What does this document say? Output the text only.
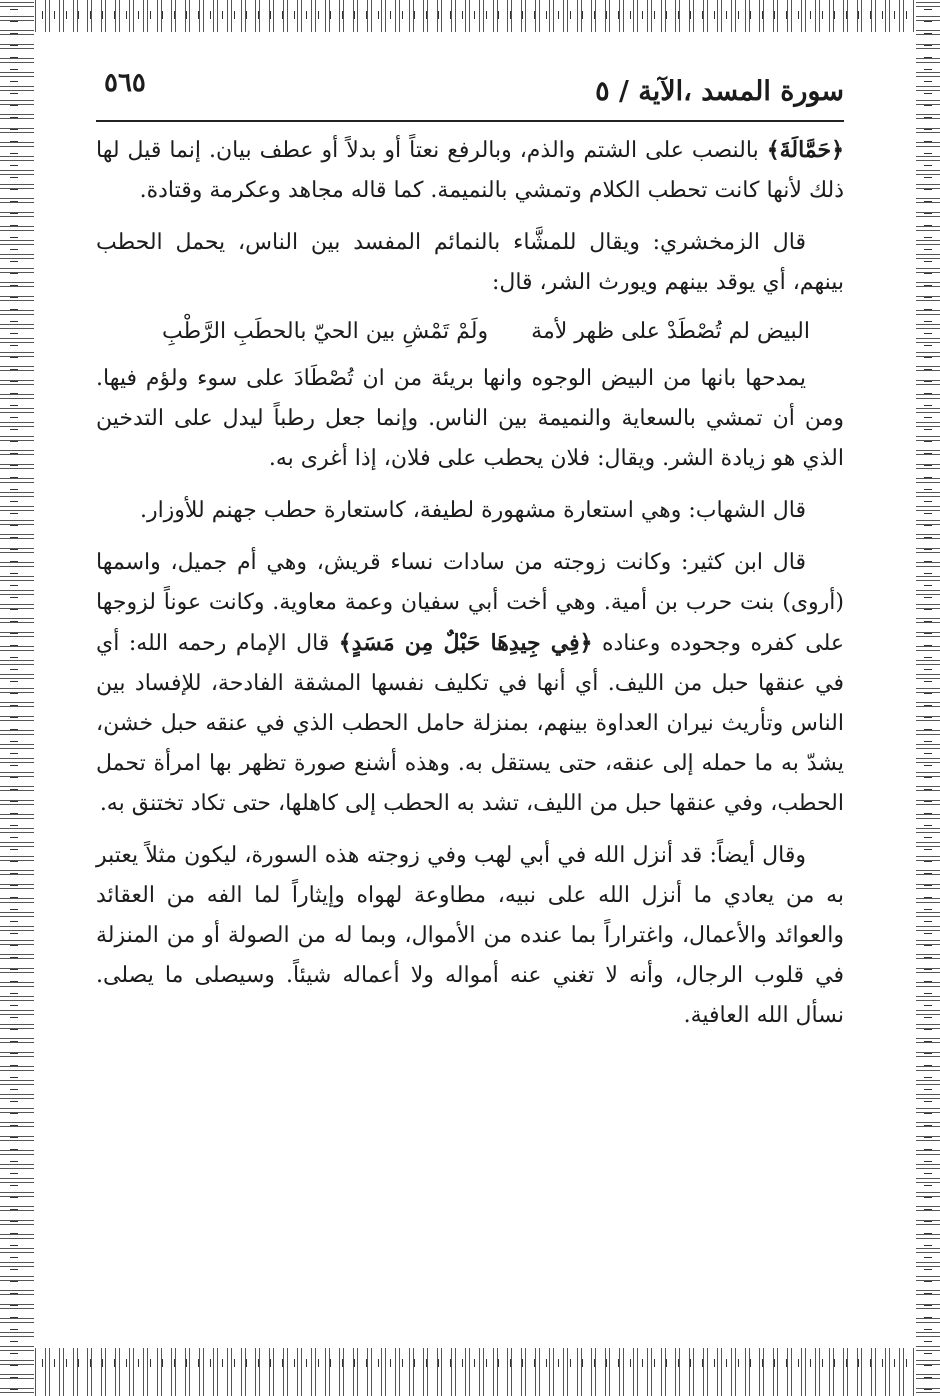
سورة المسد ،الآية / ٥
٥٦٥

﴿حَمَّالَةَ﴾ بالنصب على الشتم والذم، وبالرفع نعتاً أو بدلاً أو عطف بيان. إنما قيل لها ذلك لأنها كانت تحطب الكلام وتمشي بالنميمة. كما قاله مجاهد وعكرمة وقتادة.

قال الزمخشري: ويقال للمشَّاء بالنمائم المفسد بين الناس، يحمل الحطب بينهم، أي يوقد بينهم ويورث الشر، قال:

البيض لم تُصْطَدْ على ظهر لأمة
ولَمْ تَمْشِ بين الحيّ بالحطَبِ الرَّطْبِ

يمدحها بانها من البيض الوجوه وانها بريئة من ان تُصْطَادَ على سوء ولؤم فيها. ومن أن تمشي بالسعاية والنميمة بين الناس. وإنما جعل رطباً ليدل على التدخين الذي هو زيادة الشر. ويقال: فلان يحطب على فلان، إذا أغرى به.

قال الشهاب: وهي استعارة مشهورة لطيفة، كاستعارة حطب جهنم للأوزار.

قال ابن كثير: وكانت زوجته من سادات نساء قريش، وهي أم جميل، واسمها (أروى) بنت حرب بن أمية. وهي أخت أبي سفيان وعمة معاوية. وكانت عوناً لزوجها على كفره وجحوده وعناده ﴿فِي جِيدِهَا حَبْلٌ مِن مَسَدٍ﴾ قال الإمام رحمه الله: أي في عنقها حبل من الليف. أي أنها في تكليف نفسها المشقة الفادحة، للإفساد بين الناس وتأريث نيران العداوة بينهم، بمنزلة حامل الحطب الذي في عنقه حبل خشن، يشدّ به ما حمله إلى عنقه، حتى يستقل به. وهذه أشنع صورة تظهر بها امرأة تحمل الحطب، وفي عنقها حبل من الليف، تشد به الحطب إلى كاهلها، حتى تكاد تختنق به.

وقال أيضاً: قد أنزل الله في أبي لهب وفي زوجته هذه السورة، ليكون مثلاً يعتبر به من يعادي ما أنزل الله على نبيه، مطاوعة لهواه وإيثاراً لما الفه من العقائد والعوائد والأعمال، واغتراراً بما عنده من الأموال، وبما له من الصولة أو من المنزلة في قلوب الرجال، وأنه لا تغني عنه أمواله ولا أعماله شيئاً. وسيصلى ما يصلى. نسأل الله العافية.
